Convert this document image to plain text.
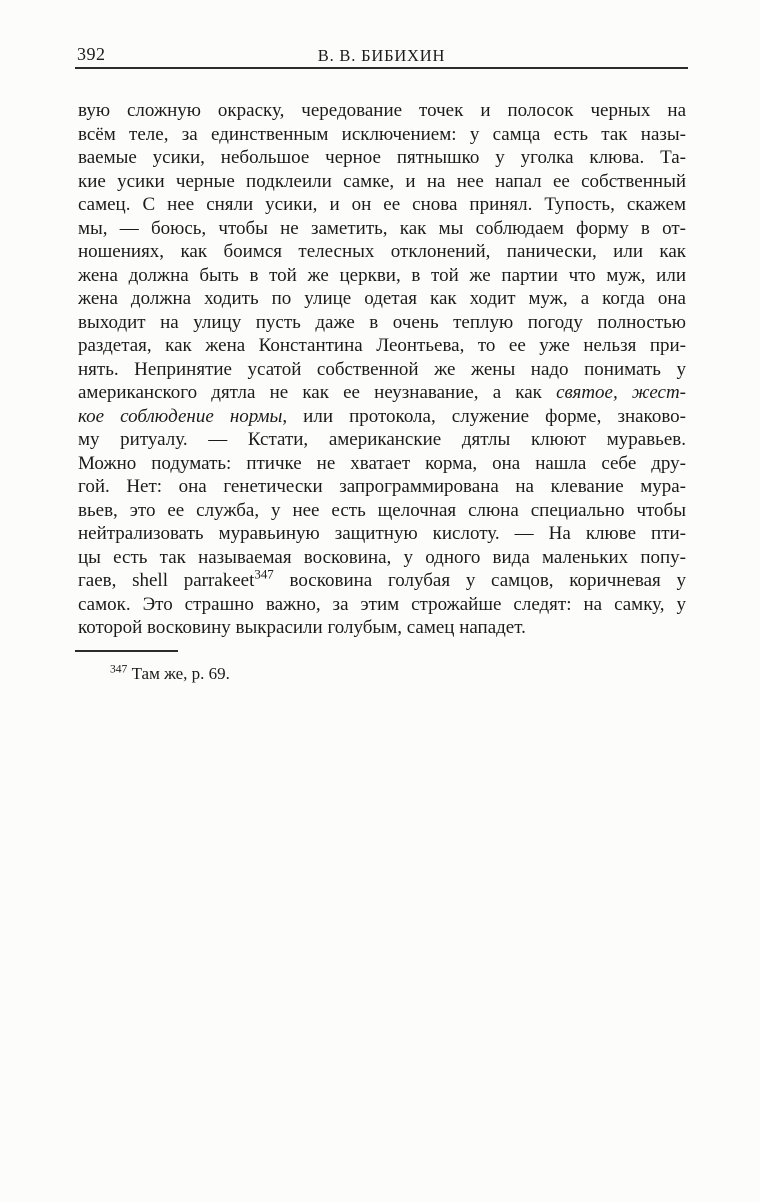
392	В. В. БИБИХИН
вую сложную окраску, чередование точек и полосок черных на
всём теле, за единственным исключением: у самца есть так назы-
ваемые усики, небольшое черное пятнышко у уголка клюва. Та-
кие усики черные подклеили самке, и на нее напал ее собственный
самец. С нее сняли усики, и он ее снова принял. Тупость, скажем
мы, — боюсь, чтобы не заметить, как мы соблюдаем форму в от-
ношениях, как боимся телесных отклонений, панически, или как
жена должна быть в той же церкви, в той же партии что муж, или
жена должна ходить по улице одетая как ходит муж, а когда она
выходит на улицу пусть даже в очень теплую погоду полностью
раздетая, как жена Константина Леонтьева, то ее уже нельзя при-
нять. Непринятие усатой собственной же жены надо понимать у
американского дятла не как ее неузнавание, а как святое, жест-
кое соблюдение нормы, или протокола, служение форме, знаково-
му ритуалу. — Кстати, американские дятлы клюют муравьев.
Можно подумать: птичке не хватает корма, она нашла себе дру-
гой. Нет: она генетически запрограммирована на клевание мура-
вьев, это ее служба, у нее есть щелочная слюна специально чтобы
нейтрализовать муравьиную защитную кислоту. — На клюве пти-
цы есть так называемая восковина, у одного вида маленьких попу-
гаев, shell parrakeet$^{347}$ восковина голубая у самцов, коричневая у
самок. Это страшно важно, за этим строжайше следят: на самку, у
которой восковину выкрасили голубым, самец нападет.
$^{347}$ Там же, p. 69.
